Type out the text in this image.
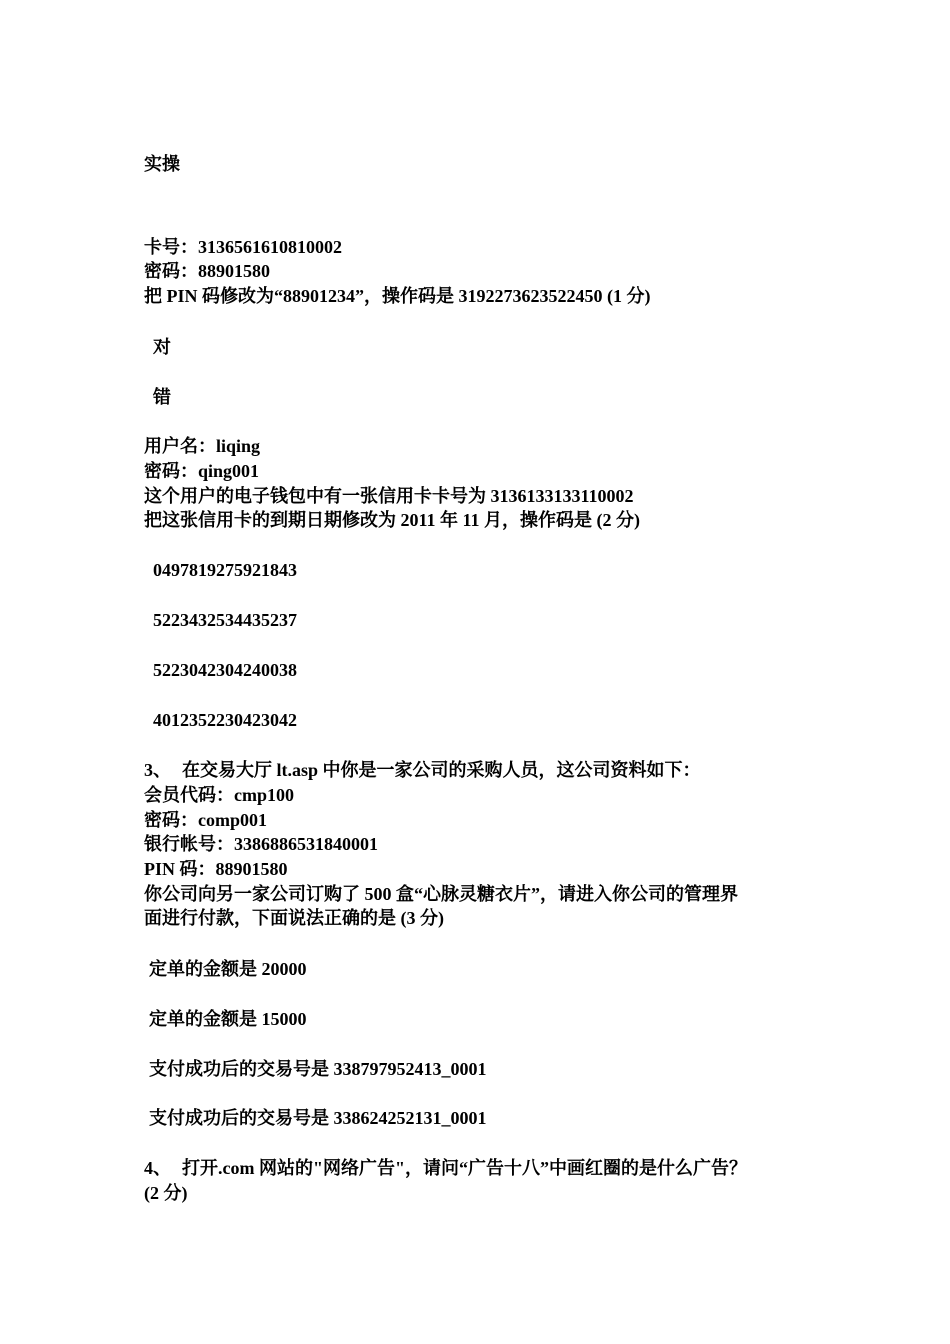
实操

卡号：3136561610810002

密码：88901580

把 PIN 码修改为“88901234”，操作码是 3192273623522450 (1 分)

对

错

用户名：liqing

密码：qing001

这个用户的电子钱包中有一张信用卡卡号为 3136133133110002

把这张信用卡的到期日期修改为 2011 年 11 月，操作码是 (2 分)

0497819275921843

5223432534435237

5223042304240038

4012352230423042

3、 在交易大厅 lt.asp 中你是一家公司的采购人员，这公司资料如下：

会员代码：cmp100

密码：comp001

银行帐号：3386886531840001

PIN 码：88901580

你公司向另一家公司订购了 500 盒“心脉灵糖衣片”，请进入你公司的管理界

面进行付款，下面说法正确的是 (3 分)

定单的金额是 20000

定单的金额是 15000

支付成功后的交易号是 338797952413_0001

支付成功后的交易号是 338624252131_0001

4、 打开.com 网站的"网络广告"，请问“广告十八”中画红圈的是什么广告？

(2 分)
